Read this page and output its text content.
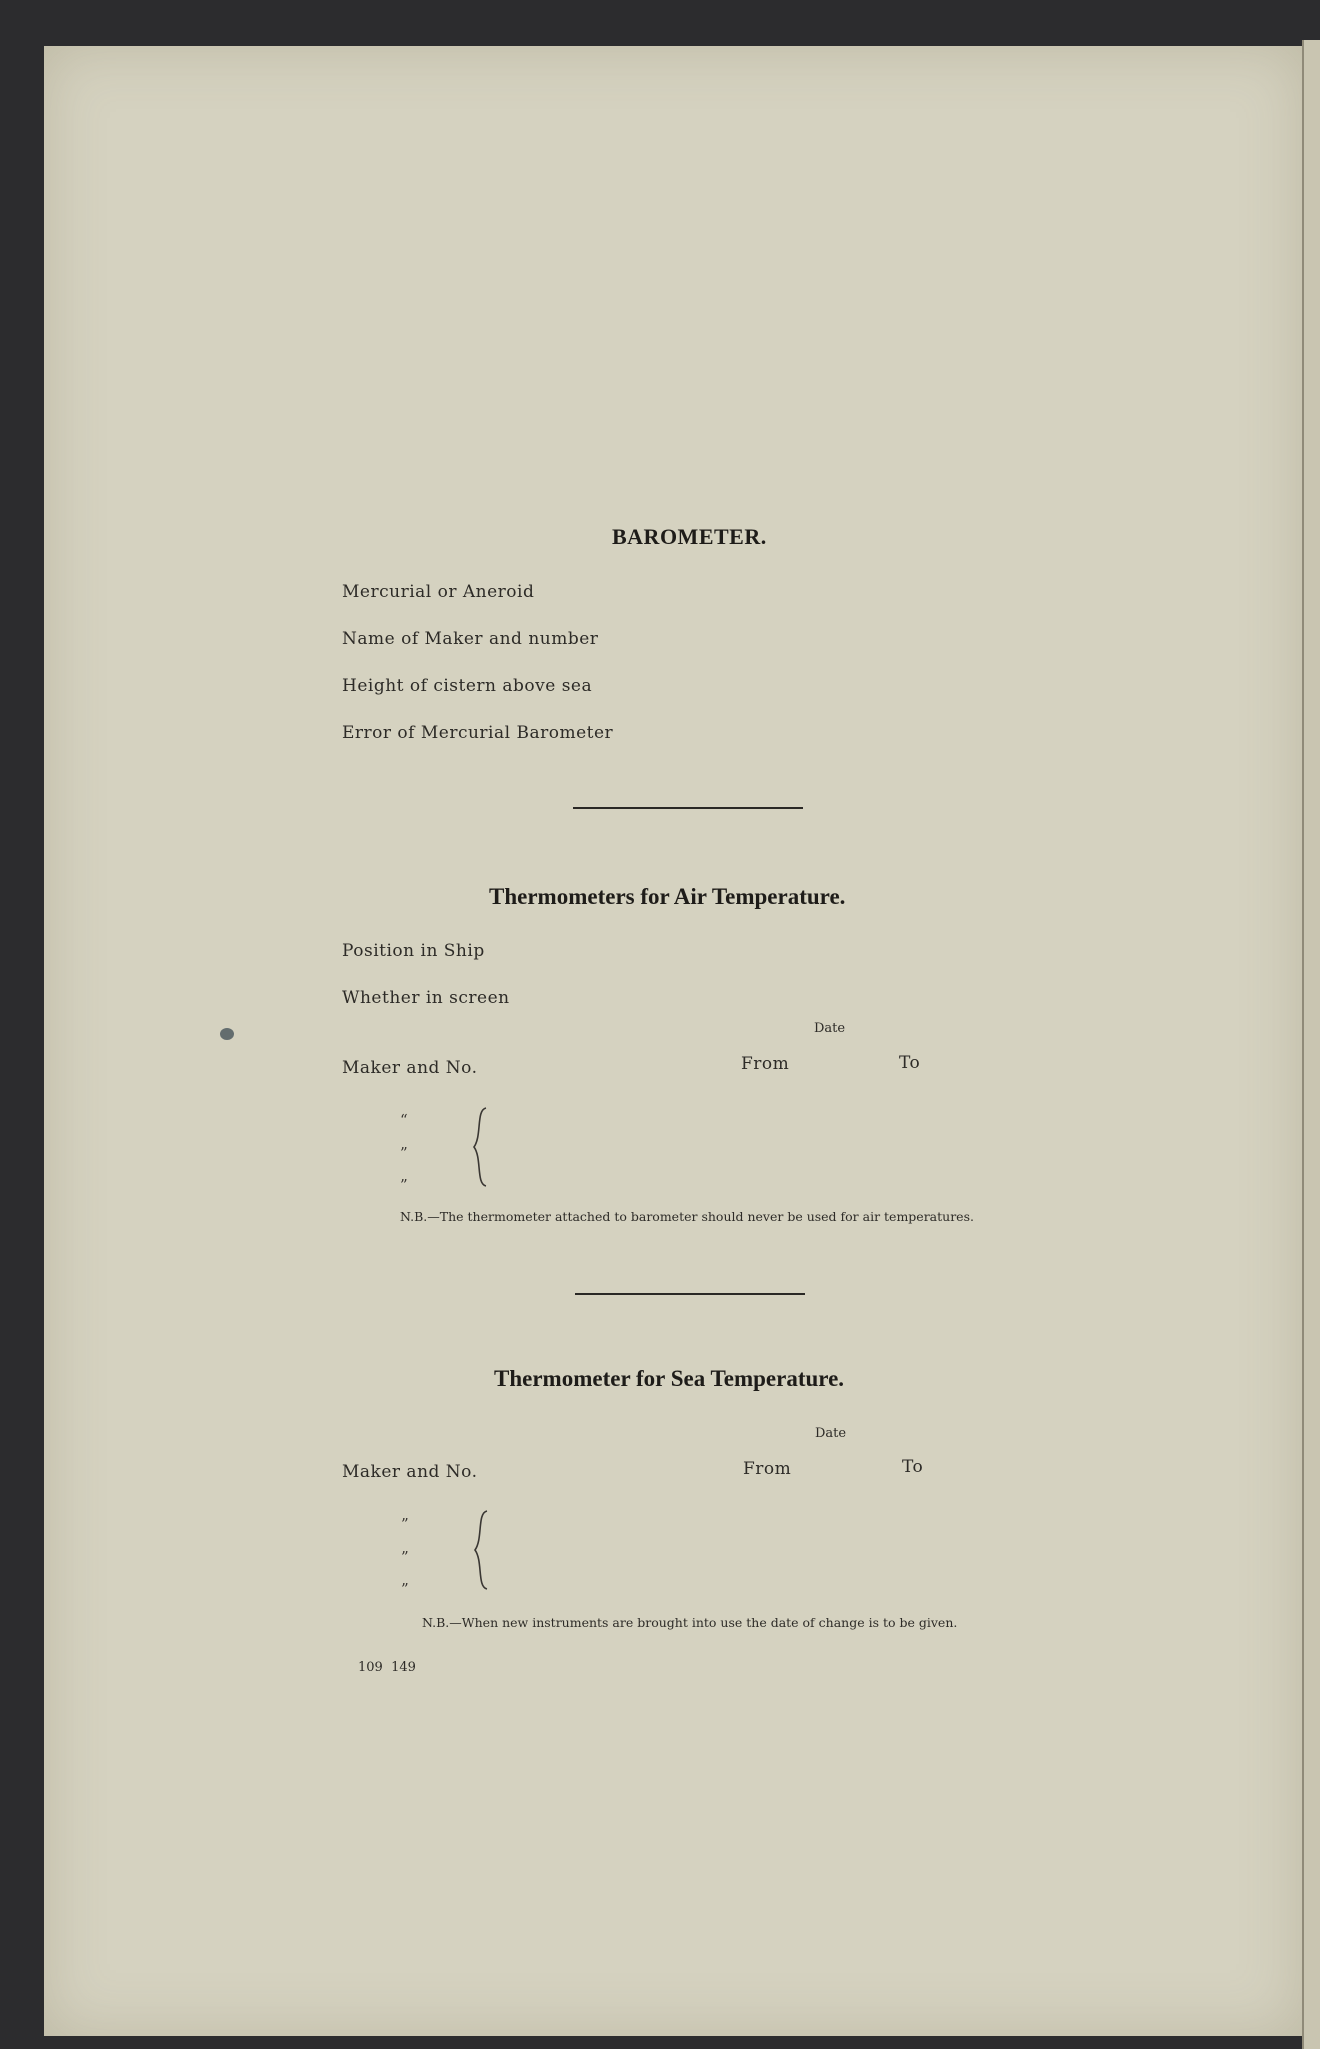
BAROMETER.
Mercurial or Aneroid
Name of Maker and number
Height of cistern above sea
Error of Mercurial Barometer
Thermometers for Air Temperature.
Position in Ship
Whether in screen
Date
Maker and No.	From	To
“
”
”
N.B.—The thermometer attached to barometer should never be used for air temperatures.
Thermometer for Sea Temperature.
Date
Maker and No.	From	To
”
”
”
N.B.—When new instruments are brought into use the date of change is to be given.
109  149
